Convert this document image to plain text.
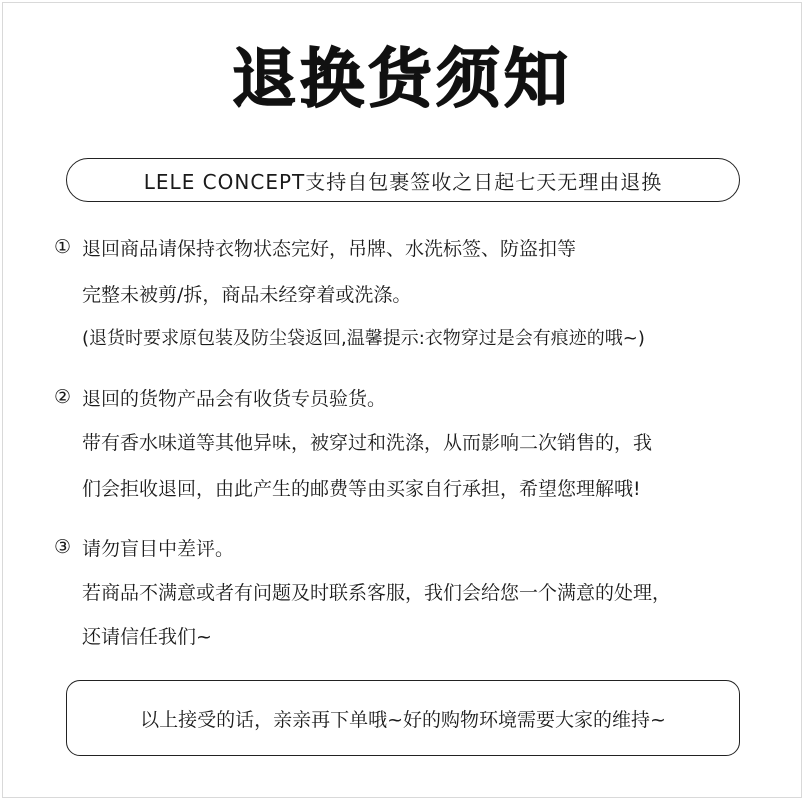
退换货须知
LELE CONCEPT支持自包裹签收之日起七天无理由退换
① 退回商品请保持衣物状态完好，吊牌、水洗标签、防盗扣等
完整未被剪/拆，商品未经穿着或洗涤。
(退货时要求原包装及防尘袋返回,温馨提示:衣物穿过是会有痕迹的哦~)
② 退回的货物产品会有收货专员验货。
带有香水味道等其他异味，被穿过和洗涤，从而影响二次销售的，我
们会拒收退回，由此产生的邮费等由买家自行承担，希望您理解哦!
③ 请勿盲目中差评。
若商品不满意或者有问题及时联系客服，我们会给您一个满意的处理，
还请信任我们~
以上接受的话，亲亲再下单哦~好的购物环境需要大家的维持~
